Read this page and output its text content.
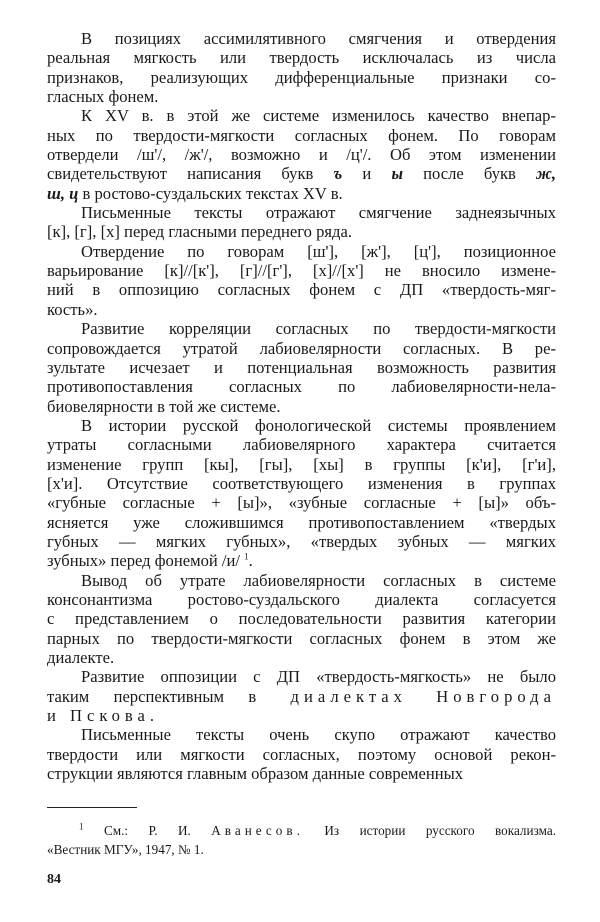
В позициях ассимилятивного смягчения и отвердения
реальная мягкость или твердость исключалась из числа
признаков, реализующих дифференциальные признаки со-
гласных фонем.
К XV в. в этой же системе изменилось качество внепар-
ных по твердости-мягкости согласных фонем. По говорам
отвердели /ш'/, /ж'/, возможно и /ц'/. Об этом изменении
свидетельствуют написания букв ъ и ы после букв ж,
ш, ц в ростово-суздальских текстах XV в.
Письменные тексты отражают смягчение заднеязычных
[к], [г], [х] перед гласными переднего ряда.
Отвердение по говорам [ш'], [ж'], [ц'], позиционное
варьирование [к]//[к'], [г]//[г'], [х]//[х'] не вносило измене-
ний в оппозицию согласных фонем с ДП «твердость-мяг-
кость».
Развитие корреляции согласных по твердости-мягкости
сопровождается утратой лабиовелярности согласных. В ре-
зультате исчезает и потенциальная возможность развития
противопоставления согласных по лабиовелярности-нела-
биовелярности в той же системе.
В истории русской фонологической системы проявлением
утраты согласными лабиовелярного характера считается
изменение групп [кы], [гы], [хы] в группы [к'и], [г'и],
[х'и]. Отсутствие соответствующего изменения в группах
«губные согласные + [ы]», «зубные согласные + [ы]» объ-
ясняется уже сложившимся противопоставлением «твердых
губных — мягких губных», «твердых зубных — мягких
зубных» перед фонемой /и/ $^1$.
Вывод об утрате лабиовелярности согласных в системе
консонантизма ростово-суздальского диалекта согласуется
с представлением о последовательности развития категории
парных по твердости-мягкости согласных фонем в этом же
диалекте.
Развитие оппозиции с ДП «твердость-мягкость» не было
таким перспективным в диалектах Новгорода
и Пскова.
Письменные тексты очень скупо отражают качество
твердости или мягкости согласных, поэтому основой рекон-
струкции являются главным образом данные современных
$^1$ См.: Р. И. Аванесов. Из истории русского вокализма.
«Вестник МГУ», 1947, № 1.
84
